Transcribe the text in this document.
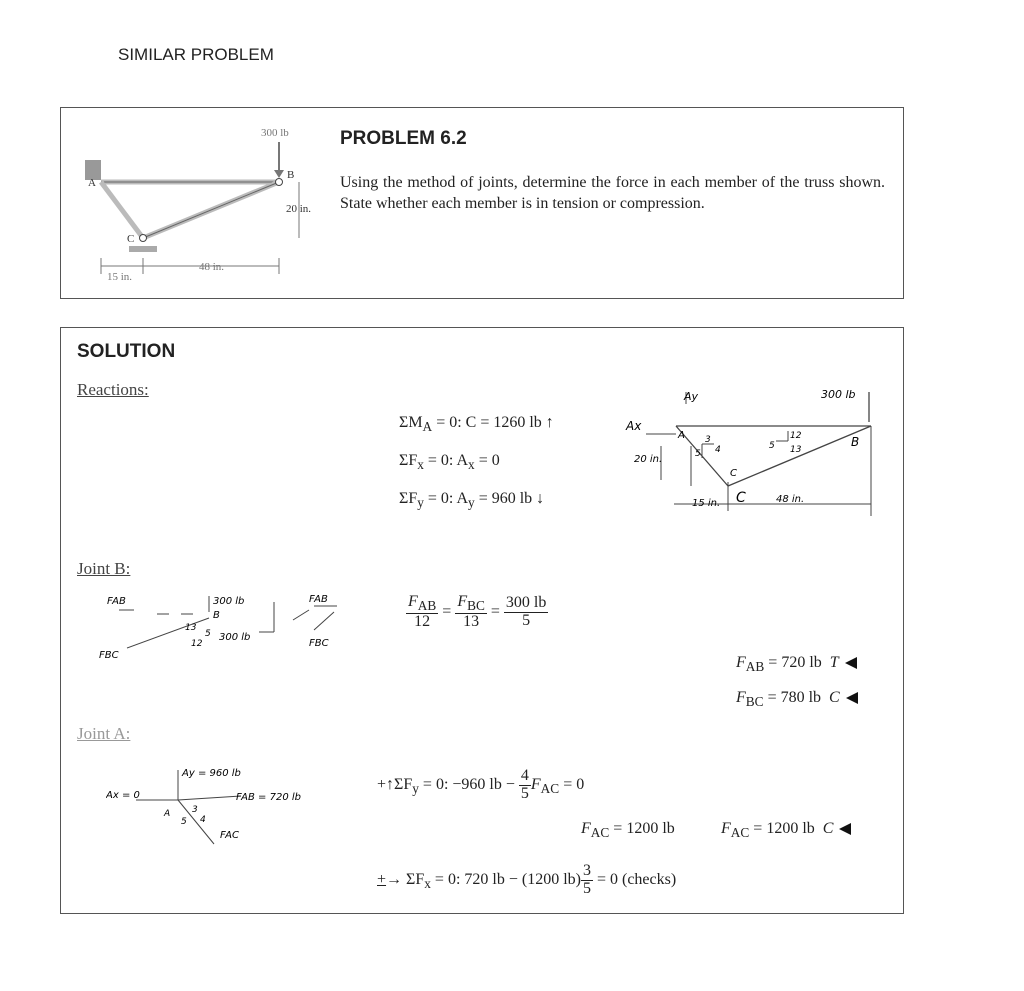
SIMILAR PROBLEM
300 lb
B
A
C
20 in.
48 in.
15 in.
PROBLEM 6.2
Using the method of joints, determine the force in each member of the truss shown. State whether each member is in tension or compression.
SOLUTION
Reactions:
$\Sigma M_A = 0$: C = 1260 lb ↑
$\Sigma F_x = 0$: $A_x = 0$
$\Sigma F_y = 0$: $A_y = 960$ lb ↓
Ay
Ax
300 lb
A	B
C
C
20 in.
15 in.	48 in.
3
4
5
12
5 13
Joint B:
FAB
FBC
300 lb
B
13
5
12
300 lb
FAB
FBC
$\frac{F_{AB}}{12} = \frac{F_{BC}}{13} = \frac{300 lb}{5}$
$F_{AB} = 720$ lb T
$F_{BC} = 780$ lb C
Joint A:
Ax = 0
Ay = 960 lb
FAB = 720 lb
A 3
4
5
FAC
$+↑\Sigma F_y = 0$: −960 lb − $\frac{4}{5} F_{AC} = 0$
$F_{AC} = 1200$ lb	$F_{AC} = 1200$ lb C
+→ $\Sigma F_x = 0$: 720 lb − (1200 $lb) \frac{3}{5} = 0$ (checks)
